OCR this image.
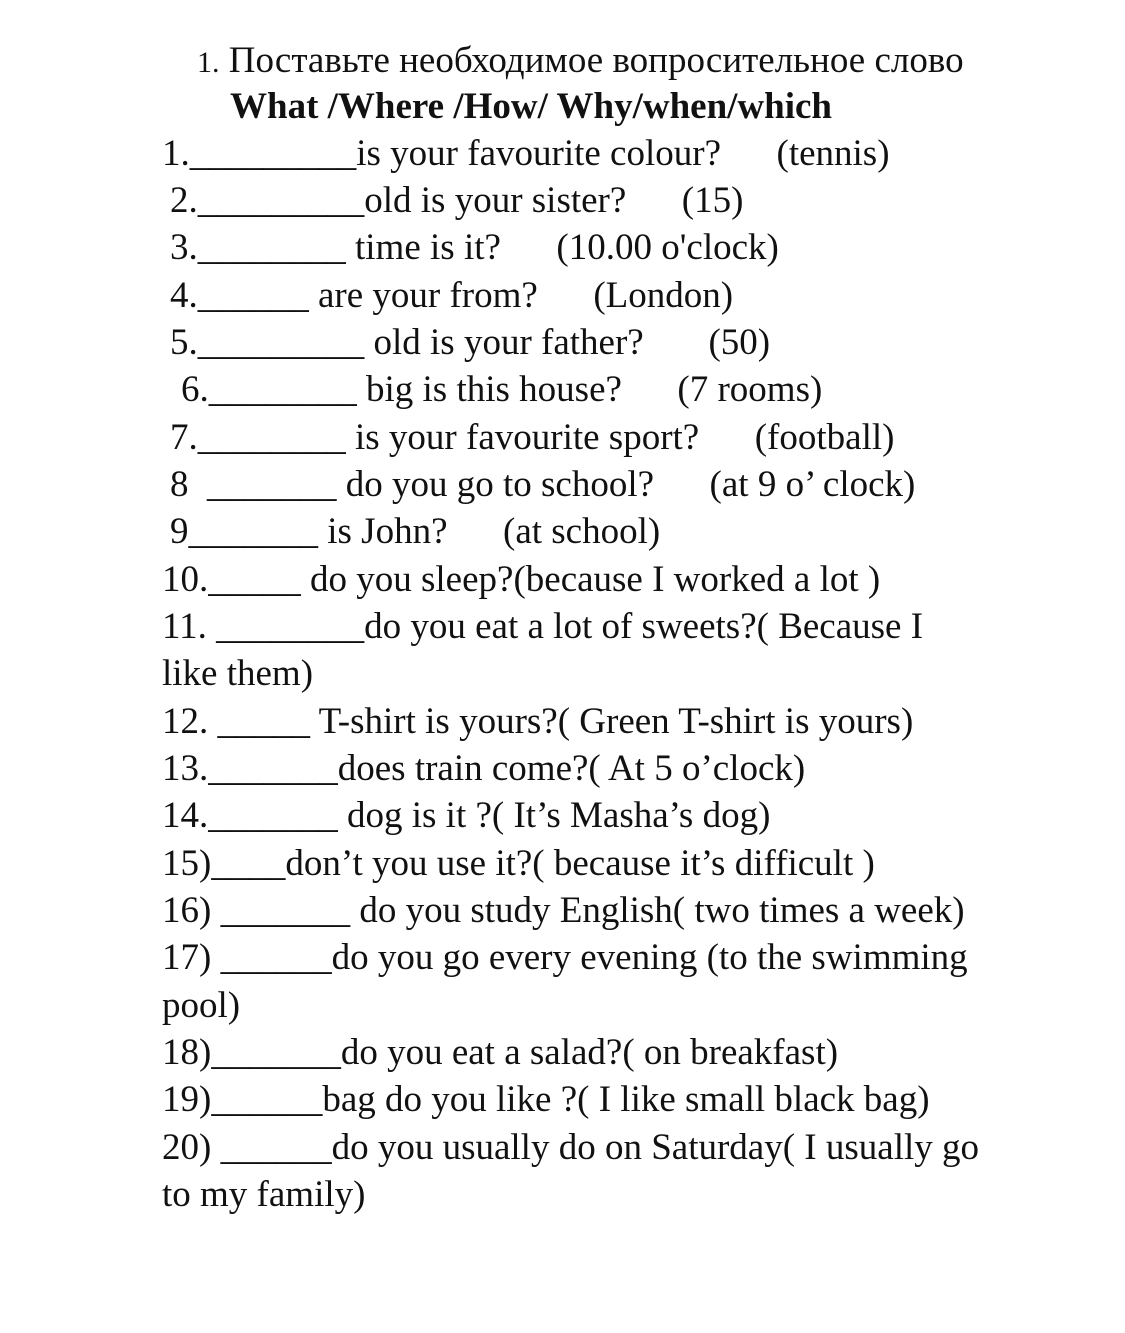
1. Поставьте необходимое вопросительное слово
What /Where /How/ Why/when/which
1._________is your favourite colour?      (tennis)
2._________old is your sister?      (15)
3.________ time is it?      (10.00 o'clock)
4.______ are your from?      (London)
5._________ old is your father?       (50)
6.________ big is this house?      (7 rooms)
7.________ is your favourite sport?      (football)
8  _______ do you go to school?      (at 9 o’ clock)
9_______ is John?      (at school)
10._____ do you sleep?(because I worked a lot )
11. ________do you eat a lot of sweets?( Because I
like them)
12. _____ T-shirt is yours?( Green T-shirt is yours)
13._______does train come?( At 5 o’clock)
14._______ dog is it ?( It’s Masha’s dog)
15)____don’t you use it?( because it’s difficult )
16) _______ do you study English( two times a week)
17) ______do you go every evening (to the swimming
pool)
18)_______do you eat a salad?( on breakfast)
19)______bag do you like ?( I like small black bag)
20) ______do you usually do on Saturday( I usually go
to my family)
